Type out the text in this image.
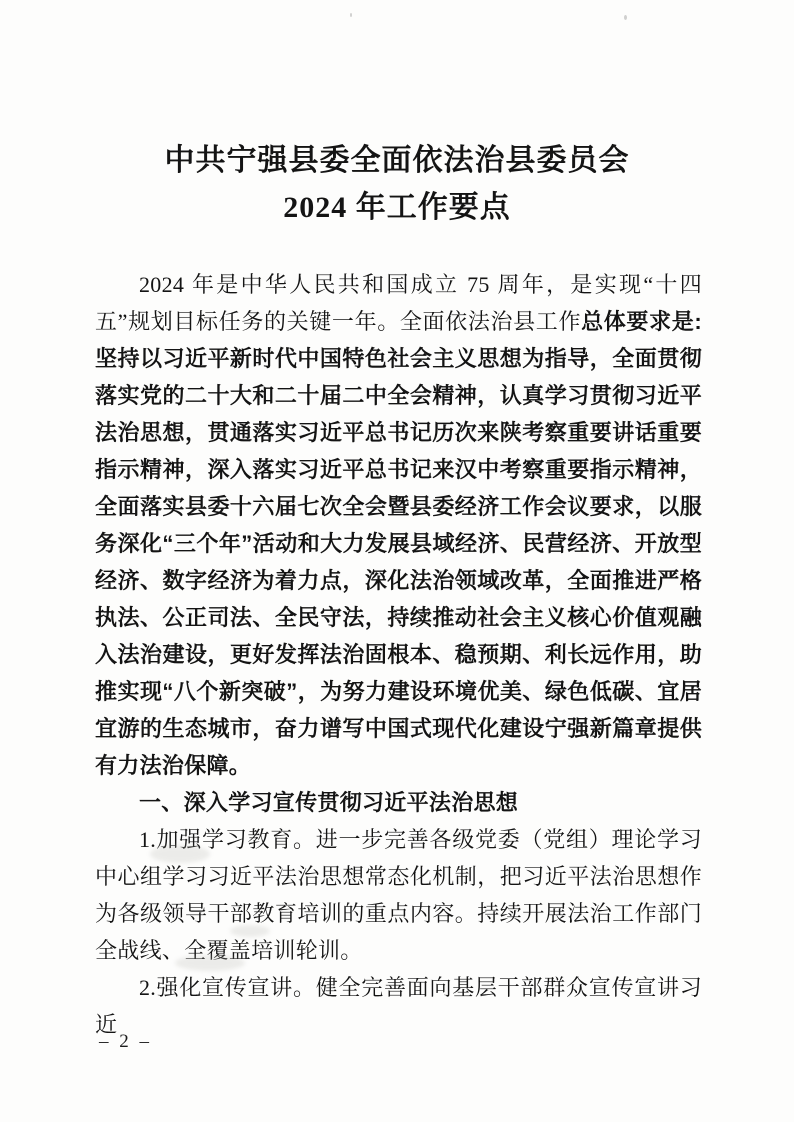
中共宁强县委全面依法治县委员会
2024 年工作要点

2024 年是中华人民共和国成立 75 周年，是实现“十四五”规划目标任务的关键一年。全面依法治县工作总体要求是: 坚持以习近平新时代中国特色社会主义思想为指导，全面贯彻落实党的二十大和二十届二中全会精神，认真学习贯彻习近平法治思想，贯通落实习近平总书记历次来陕考察重要讲话重要指示精神，深入落实习近平总书记来汉中考察重要指示精神，全面落实县委十六届七次全会暨县委经济工作会议要求，以服务深化“三个年”活动和大力发展县域经济、民营经济、开放型经济、数字经济为着力点，深化法治领域改革，全面推进严格执法、公正司法、全民守法，持续推动社会主义核心价值观融入法治建设，更好发挥法治固根本、稳预期、利长远作用，助推实现“八个新突破”，为努力建设环境优美、绿色低碳、宜居宜游的生态城市，奋力谱写中国式现代化建设宁强新篇章提供有力法治保障。

一、深入学习宣传贯彻习近平法治思想

1.加强学习教育。进一步完善各级党委（党组）理论学习中心组学习习近平法治思想常态化机制，把习近平法治思想作为各级领导干部教育培训的重点内容。持续开展法治工作部门全战线、全覆盖培训轮训。

2.强化宣传宣讲。健全完善面向基层干部群众宣传宣讲习近

– 2 –
